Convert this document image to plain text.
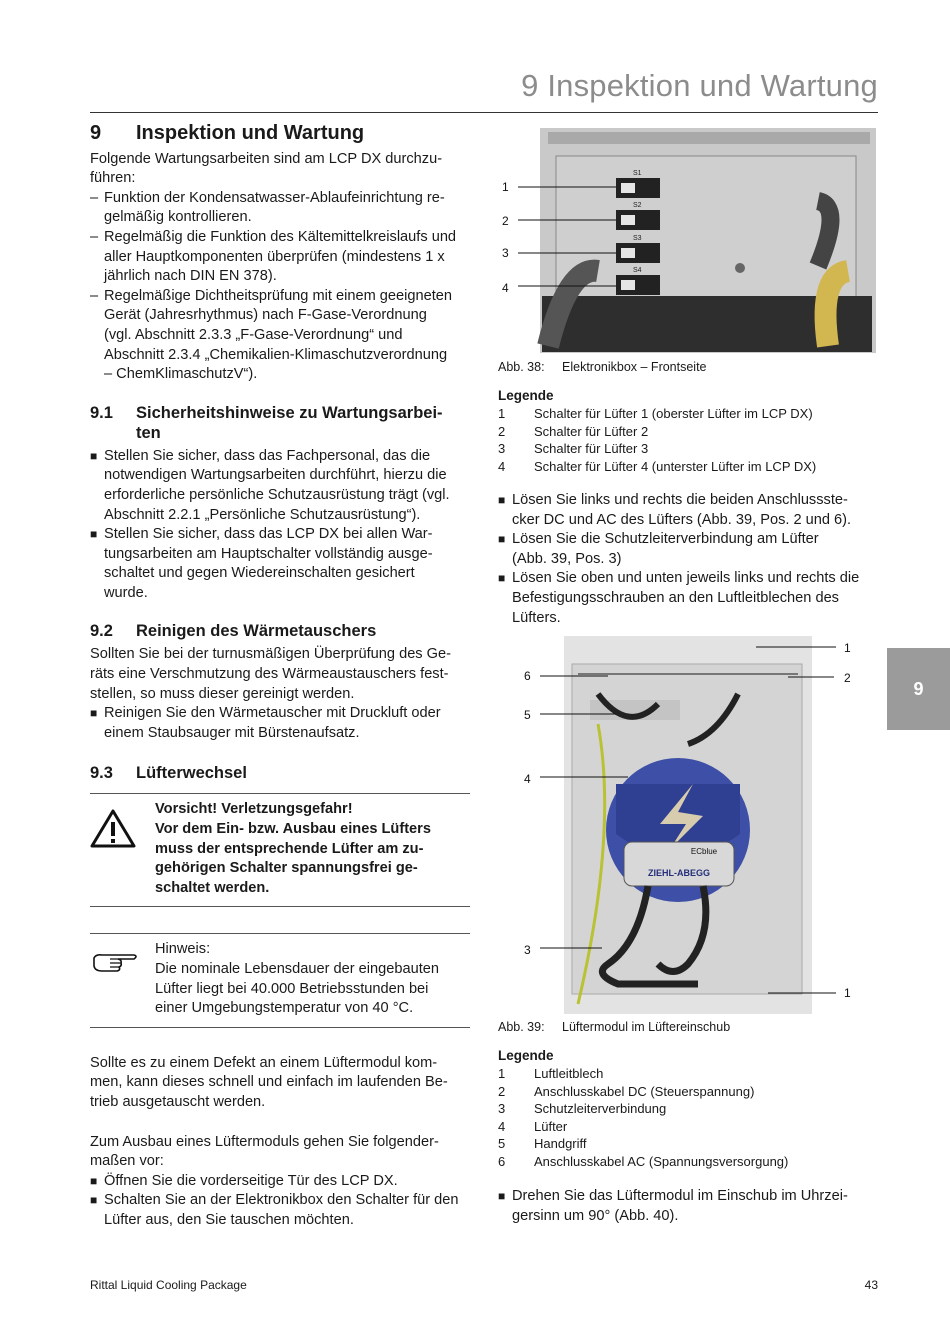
9 Inspektion und Wartung
9
9	Inspektion und Wartung

Folgende Wartungsarbeiten sind am LCP DX durchzu-

führen:

– Funktion der Kondensatwasser-Ablaufeinrichtung re-

gelmäßig kontrollieren.

– Regelmäßig die Funktion des Kältemittelkreislaufs und

aller Hauptkomponenten überprüfen (mindestens 1 x

jährlich nach DIN EN 378).

– Regelmäßige Dichtheitsprüfung mit einem geeigneten

Gerät (Jahresrhythmus) nach F-Gase-Verordnung

(vgl. Abschnitt 2.3.3 „F-Gase-Verordnung“ und

Abschnitt 2.3.4 „Chemikalien-Klimaschutzverordnung

– ChemKlimaschutzV“).

9.1	Sicherheitshinweise zu Wartungsarbei-
ten
■ Stellen Sie sicher, dass das Fachpersonal, das die

notwendigen Wartungsarbeiten durchführt, hierzu die

erforderliche persönliche Schutzausrüstung trägt (vgl.

Abschnitt 2.2.1 „Persönliche Schutzausrüstung“).

■ Stellen Sie sicher, dass das LCP DX bei allen War-

tungsarbeiten am Hauptschalter vollständig ausge-

schaltet und gegen Wiedereinschalten gesichert

wurde.

9.2	Reinigen des Wärmetauschers

Sollten Sie bei der turnusmäßigen Überprüfung des Ge-

räts eine Verschmutzung des Wärmeaustauschers fest-

stellen, so muss dieser gereinigt werden.

■ Reinigen Sie den Wärmetauscher mit Druckluft oder

einem Staubsauger mit Bürstenaufsatz.

9.3	Lüfterwechsel

Vorsicht! Verletzungsgefahr!

Vor dem Ein- bzw. Ausbau eines Lüfters

muss der entsprechende Lüfter am zu-

gehörigen Schalter spannungsfrei ge-

schaltet werden.

Hinweis:

Die nominale Lebensdauer der eingebauten

Lüfter liegt bei 40.000 Betriebsstunden bei

einer Umgebungstemperatur von 40 °C.

Sollte es zu einem Defekt an einem Lüftermodul kom-

men, kann dieses schnell und einfach im laufenden Be-

trieb ausgetauscht werden.

Zum Ausbau eines Lüftermoduls gehen Sie folgender-

maßen vor:

■ Öffnen Sie die vorderseitige Tür des LCP DX.

■ Schalten Sie an der Elektronikbox den Schalter für den

Lüfter aus, den Sie tauschen möchten.

S1
S2
S3
S4
1
2
3
4
Abb. 38:	Elektronikbox – Frontseite
Legende
1	Schalter für Lüfter 1 (oberster Lüfter im LCP DX)
2	Schalter für Lüfter 2
3	Schalter für Lüfter 3
4	Schalter für Lüfter 4 (unterster Lüfter im LCP DX)
■ Lösen Sie links und rechts die beiden Anschlussste-

cker DC und AC des Lüfters (Abb. 39, Pos. 2 und 6).

■ Lösen Sie die Schutzleiterverbindung am Lüfter

(Abb. 39, Pos. 3)

■ Lösen Sie oben und unten jeweils links und rechts die

Befestigungsschrauben an den Luftleitblechen des

Lüfters.

ZIEHL-ABEGG
ECblue
6
5
4
3
1
2
1
Abb. 39:	Lüftermodul im Lüftereinschub
Legende
1	Luftleitblech
2	Anschlusskabel DC (Steuerspannung)
3	Schutzleiterverbindung
4	Lüfter
5	Handgriff
6	Anschlusskabel AC (Spannungsversorgung)
■ Drehen Sie das Lüftermodul im Einschub im Uhrzei-

gersinn um 90° (Abb. 40).

Rittal Liquid Cooling Package	43
